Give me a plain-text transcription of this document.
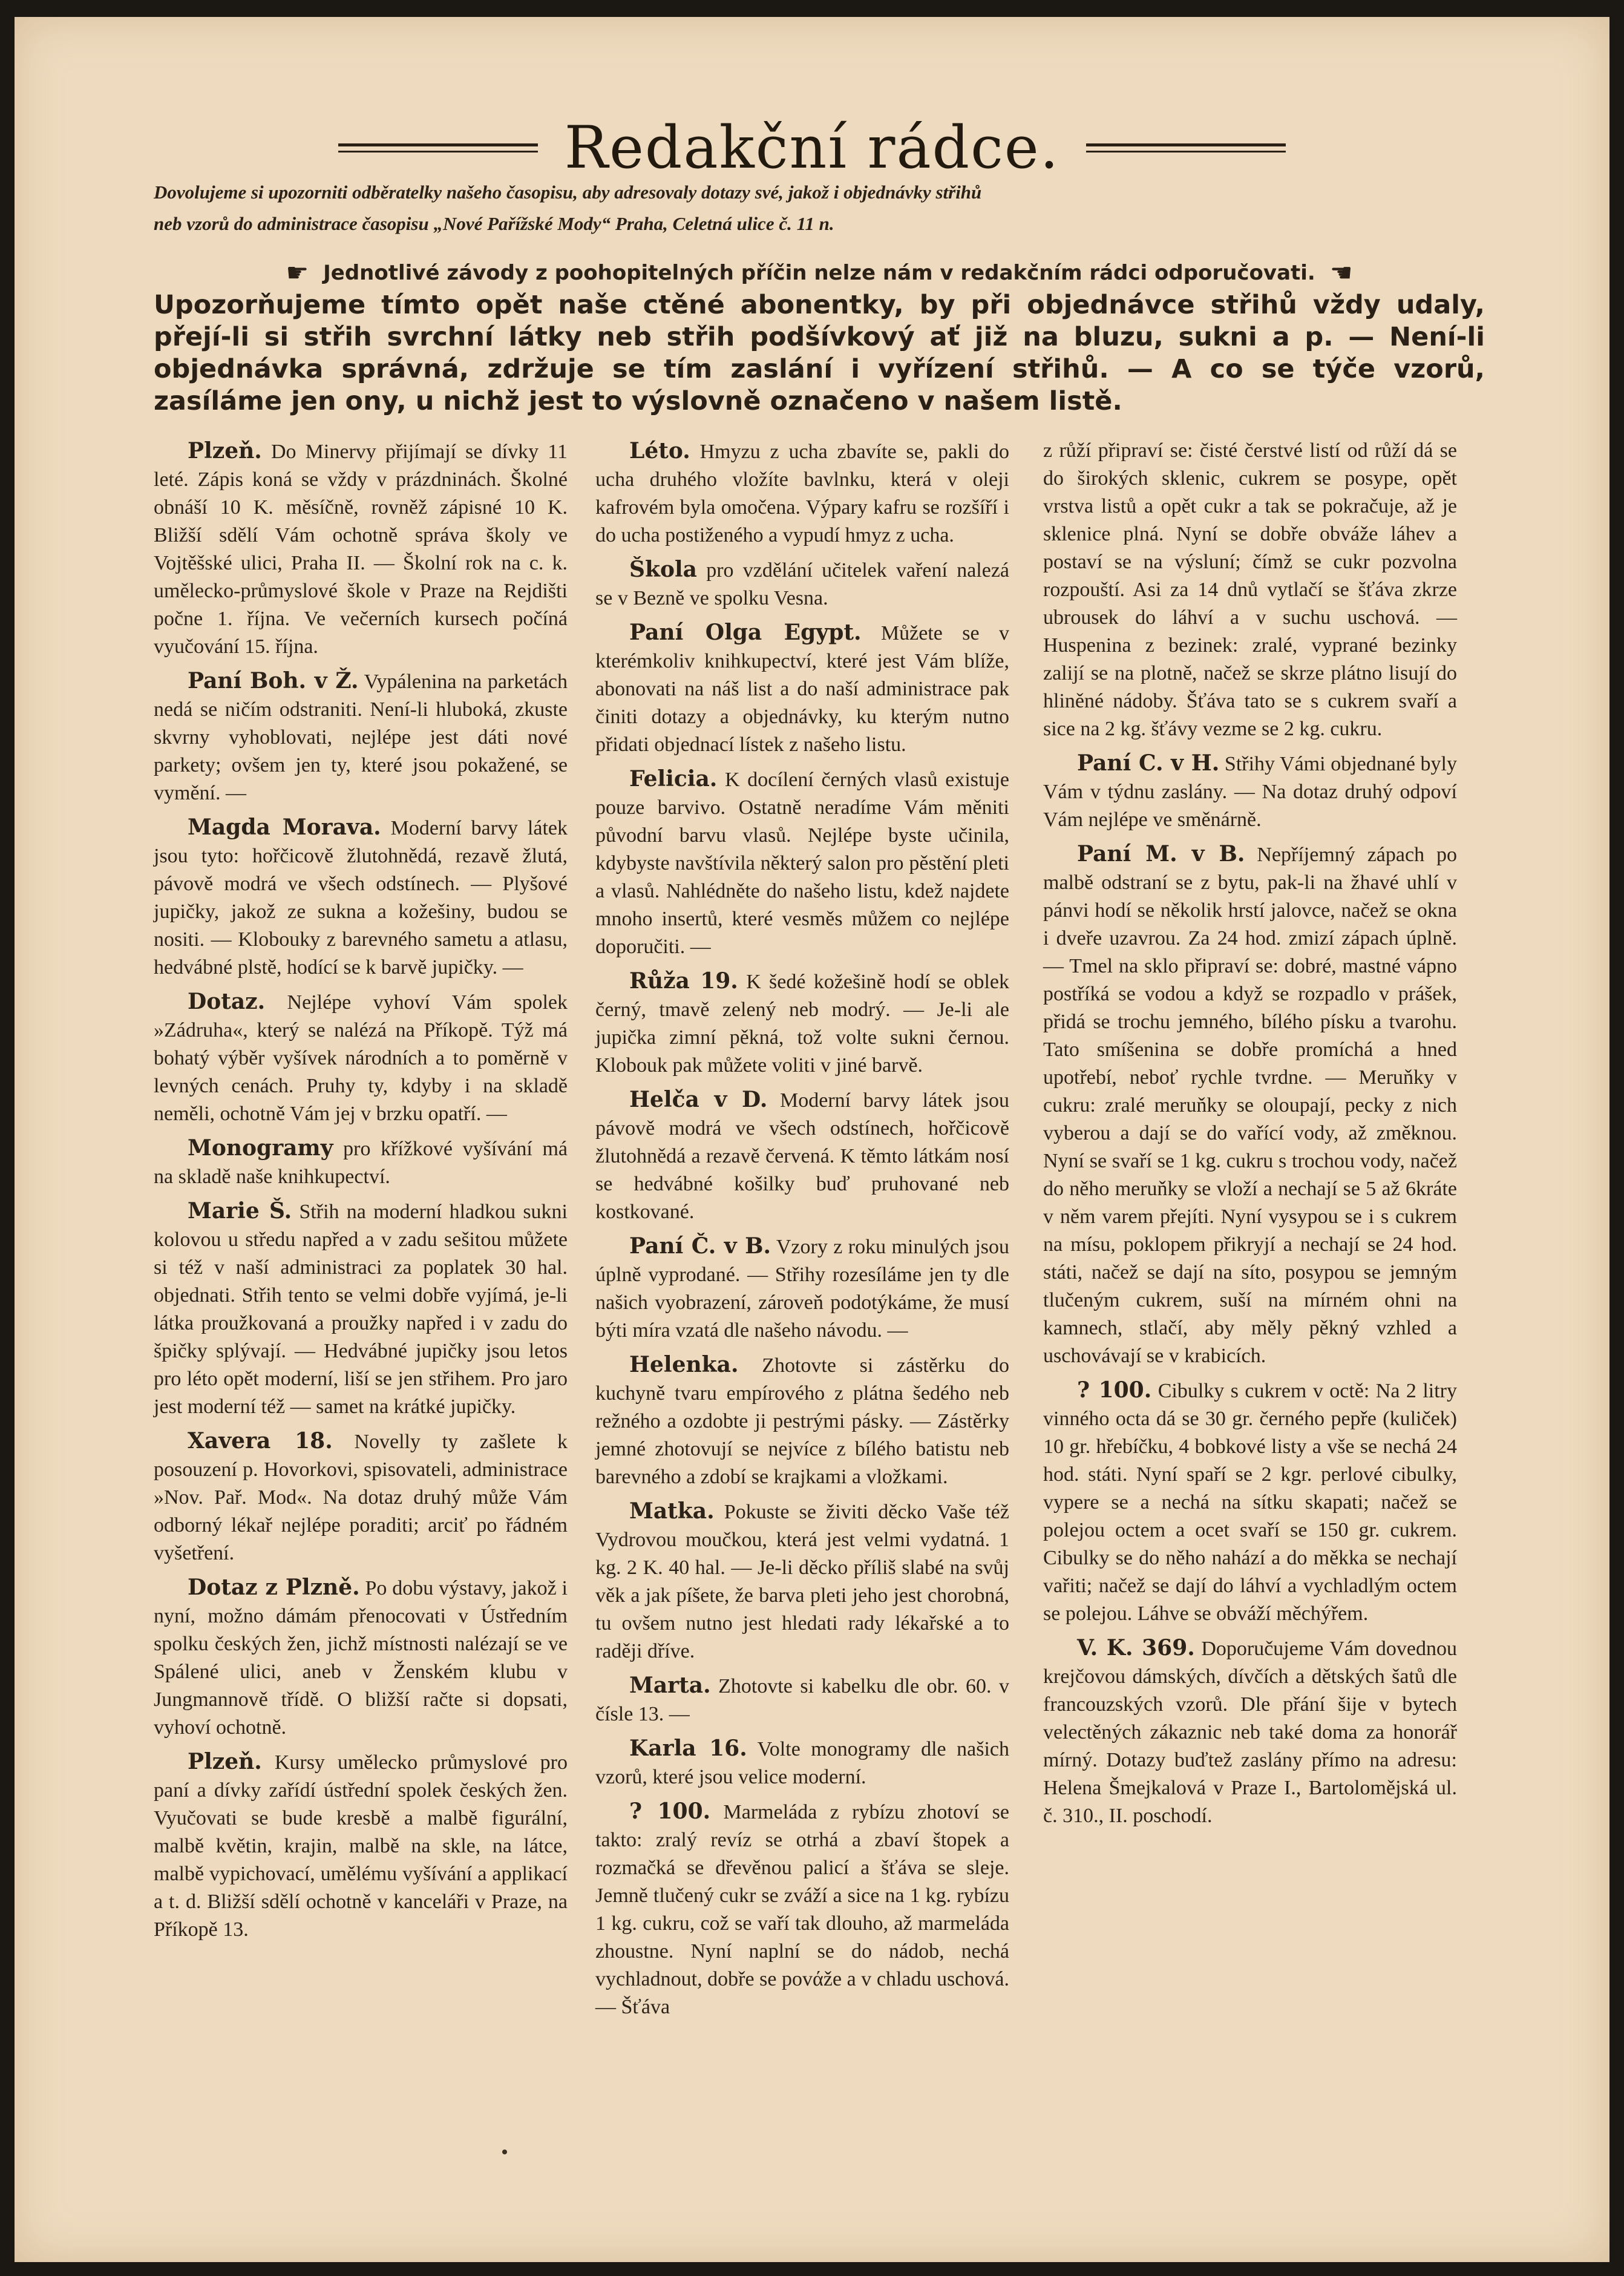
Redakční rádce.
Dovolujeme si upozorniti odběratelky našeho časopisu, aby adresovaly dotazy své, jakož i objednávky střihů
neb vzorů do administrace časopisu „Nové Pařížské Mody“ Praha, Celetná ulice č. 11 n.
☛ Jednotlivé závody z poohopitelných příčin nelze nám v redakčním rádci odporučovati. ☚
Upozorňujeme tímto opět naše ctěné abonentky, by při objednávce střihů vždy udaly, přejí-li si střih svrchní látky neb střih podšívkový ať již na bluzu, sukni a p. — Není-li objednávka správná, zdržuje se tím zaslání i vyřízení střihů. — A co se týče vzorů, zasíláme jen ony, u nichž jest to výslovně označeno v našem listě.

Plzeň. Do Minervy přijímají se dívky 11 leté. Zápis koná se vždy v prázdninách. Školné obnáší 10 K. měsíčně, rovněž zápisné 10 K. Bližší sdělí Vám ochotně správa školy ve Vojtěšské ulici, Praha II. — Školní rok na c. k. umělecko-průmyslové škole v Praze na Rejdišti počne 1. října. Ve večerních kursech počíná vyučování 15. října.

Paní Boh. v Ž. Vypálenina na parketách nedá se ničím odstraniti. Není-li hluboká, zkuste skvrny vyhoblovati, nejlépe jest dáti nové parkety; ovšem jen ty, které jsou pokažené, se vymění. —

Magda Morava. Moderní barvy látek jsou tyto: hořčicově žlutohnědá, rezavě žlutá, pávově modrá ve všech odstínech. — Plyšové jupičky, jakož ze sukna a kožešiny, budou se nositi. — Klobouky z barevného sametu a atlasu, hedvábné plstě, hodící se k barvě jupičky. —

Dotaz. Nejlépe vyhoví Vám spolek »Zádruha«, který se nalézá na Příkopě. Týž má bohatý výběr vyšívek národních a to poměrně v levných cenách. Pruhy ty, kdyby i na skladě neměli, ochotně Vám jej v brzku opatří. —

Monogramy pro křížkové vyšívání má na skladě naše knihkupectví.

Marie Š. Střih na moderní hladkou sukni kolovou u středu napřed a v zadu sešitou můžete si též v naší administraci za poplatek 30 hal. objednati. Střih tento se velmi dobře vyjímá, je-li látka proužkovaná a proužky napřed i v zadu do špičky splývají. — Hedvábné jupičky jsou letos pro léto opět moderní, liší se jen střihem. Pro jaro jest moderní též — samet na krátké jupičky.

Xavera 18. Novelly ty zašlete k posouzení p. Hovorkovi, spisovateli, administrace »Nov. Pař. Mod«. Na dotaz druhý může Vám odborný lékař nejlépe poraditi; arciť po řádném vyšetření.

Dotaz z Plzně. Po dobu výstavy, jakož i nyní, možno dámám přenocovati v Ústředním spolku českých žen, jichž místnosti nalézají se ve Spálené ulici, aneb v Ženském klubu v Jungmannově třídě. O bližší račte si dopsati, vyhoví ochotně.

Plzeň. Kursy umělecko průmyslové pro paní a dívky zařídí ústřední spolek českých žen. Vyučovati se bude kresbě a malbě figurální, malbě květin, krajin, malbě na skle, na látce, malbě vypichovací, umělému vyšívání a applikací a t. d. Bližší sdělí ochotně v kanceláři v Praze, na Příkopě 13.

Léto. Hmyzu z ucha zbavíte se, pakli do ucha druhého vložíte bavlnku, která v oleji kafrovém byla omočena. Výpary kafru se rozšíří i do ucha postiženého a vypudí hmyz z ucha.

Škola pro vzdělání učitelek vaření nalezá se v Bezně ve spolku Vesna.

Paní Olga Egypt. Můžete se v kterémkoliv knihkupectví, které jest Vám blíže, abonovati na náš list a do naší administrace pak činiti dotazy a objednávky, ku kterým nutno přidati objednací lístek z našeho listu.

Felicia. K docílení černých vlasů existuje pouze barvivo. Ostatně neradíme Vám měniti původní barvu vlasů. Nejlépe byste učinila, kdybyste navštívila některý salon pro pěstění pleti a vlasů. Nahlédněte do našeho listu, kdež najdete mnoho insertů, které vesměs můžem co nejlépe doporučiti. —

Růža 19. K šedé kožešině hodí se oblek černý, tmavě zelený neb modrý. — Je-li ale jupička zimní pěkná, tož volte sukni černou. Klobouk pak můžete voliti v jiné barvě.

Helča v D. Moderní barvy látek jsou pávově modrá ve všech odstínech, hořčicově žlutohnědá a rezavě červená. K těmto látkám nosí se hedvábné košilky buď pruhované neb kostkované.

Paní Č. v B. Vzory z roku minulých jsou úplně vyprodané. — Střihy rozesíláme jen ty dle našich vyobrazení, zároveň podotýkáme, že musí býti míra vzatá dle našeho návodu. —

Helenka. Zhotovte si zástěrku do kuchyně tvaru empírového z plátna šedého neb režného a ozdobte ji pestrými pásky. — Zástěrky jemné zhotovují se nejvíce z bílého batistu neb barevného a zdobí se krajkami a vložkami.

Matka. Pokuste se živiti děcko Vaše též Vydrovou moučkou, která jest velmi vydatná. 1 kg. 2 K. 40 hal. — Je-li děcko příliš slabé na svůj věk a jak píšete, že barva pleti jeho jest chorobná, tu ovšem nutno jest hledati rady lékařské a to raději dříve.

Marta. Zhotovte si kabelku dle obr. 60. v čísle 13. —

Karla 16. Volte monogramy dle našich vzorů, které jsou velice moderní.

? 100. Marmeláda z rybízu zhotoví se takto: zralý revíz se otrhá a zbaví štopek a rozmačká se dřevěnou palicí a šťáva se sleje. Jemně tlučený cukr se zváží a sice na 1 kg. rybízu 1 kg. cukru, což se vaří tak dlouho, až marmeláda zhoustne. Nyní naplní se do nádob, nechá vychladnout, dobře se povάže a v chladu uschová. — Šťáva

z růží připraví se: čisté čerstvé listí od růží dá se do širokých sklenic, cukrem se posype, opět vrstva listů a opět cukr a tak se pokračuje, až je sklenice plná. Nyní se dobře obváže láhev a postaví se na výsluní; čímž se cukr pozvolna rozpouští. Asi za 14 dnů vytlačí se šťáva zkrze ubrousek do láhví a v suchu uschová. — Huspenina z bezinek: zralé, vyprané bezinky zalijí se na plotně, načež se skrze plátno lisují do hliněné nádoby. Šťáva tato se s cukrem svaří a sice na 2 kg. šťávy vezme se 2 kg. cukru.

Paní C. v H. Střihy Vámi objednané byly Vám v týdnu zaslány. — Na dotaz druhý odpoví Vám nejlépe ve směnárně.

Paní M. v B. Nepříjemný zápach po malbě odstraní se z bytu, pak-li na žhavé uhlí v pánvi hodí se několik hrstí jalovce, načež se okna i dveře uzavrou. Za 24 hod. zmizí zápach úplně. — Tmel na sklo připraví se: dobré, mastné vápno postříká se vodou a když se rozpadlo v prášek, přidá se trochu jemného, bílého písku a tvarohu. Tato smíšenina se dobře promíchá a hned upotřebí, neboť rychle tvrdne. — Meruňky v cukru: zralé meruňky se oloupají, pecky z nich vyberou a dají se do vařící vody, až změknou. Nyní se svaří se 1 kg. cukru s trochou vody, načež do něho meruňky se vloží a nechají se 5 až 6kráte v něm varem přejíti. Nyní vysypou se i s cukrem na mísu, poklopem přikryjí a nechají se 24 hod. státi, načež se dají na síto, posypou se jemným tlučeným cukrem, suší na mírném ohni na kamnech, stlačí, aby měly pěkný vzhled a uschovávají se v krabicích.

? 100. Cibulky s cukrem v octě: Na 2 litry vinného octa dá se 30 gr. černého pepře (kuliček) 10 gr. hřebíčku, 4 bobkové listy a vše se nechá 24 hod. státi. Nyní spaří se 2 kgr. perlové cibulky, vypere se a nechá na sítku skapati; načež se polejou octem a ocet svaří se 150 gr. cukrem. Cibulky se do něho nahází a do měkka se nechají vařiti; načež se dají do láhví a vychladlým octem se polejou. Láhve se obváží měchýřem.

V. K. 369. Doporučujeme Vám dovednou krejčovou dámských, dívčích a dětských šatů dle francouzských vzorů. Dle přání šije v bytech velectěných zákaznic neb také doma za honorář mírný. Dotazy buďtež zaslány přímo na adresu: Helena Šmejkalová v Praze I., Bartolomějská ul. č. 310., II. poschodí.
